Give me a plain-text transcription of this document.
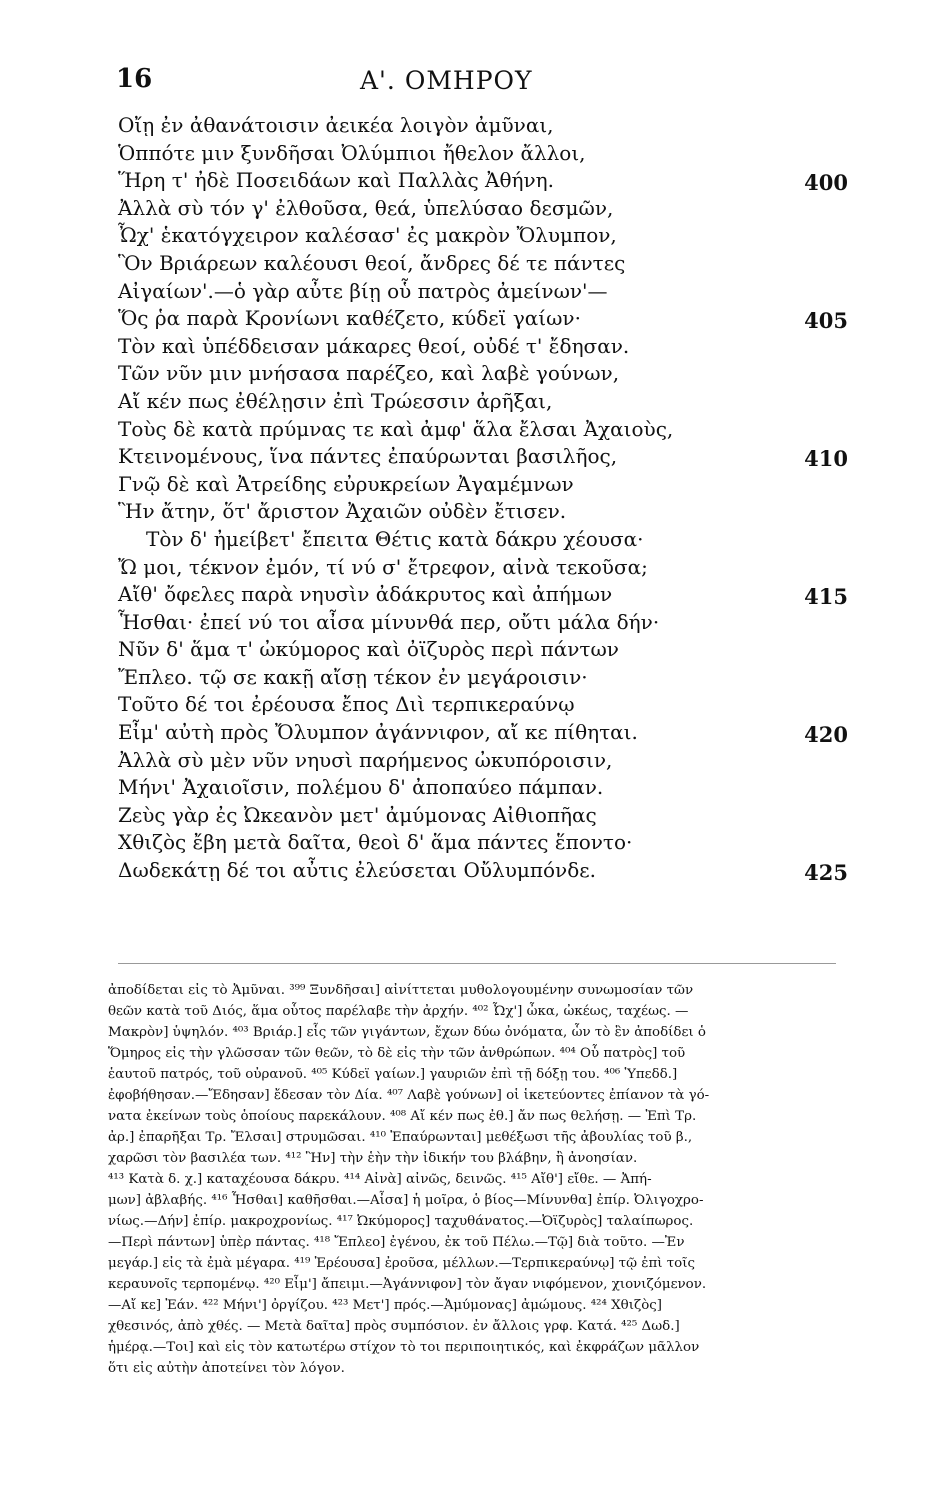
16	Α'. ΟΜΗΡΟΥ
Οἴῃ ἐν ἀθανάτοισιν ἀεικέα λοιγὸν ἀμῦναι,
Ὁππότε μιν ξυνδῆσαι Ὀλύμπιοι ἤθελον ἄλλοι,
Ἥρη τ' ἠδὲ Ποσειδάων καὶ Παλλὰς Ἀθήνη.	400
Ἀλλὰ σὺ τόν γ' ἐλθοῦσα, θεά, ὑπελύσαο δεσμῶν,
Ὦχ' ἑκατόγχειρον καλέσασ' ἐς μακρὸν Ὄλυμπον,
Ὃν Βριάρεων καλέουσι θεοί, ἄνδρες δέ τε πάντες
Αἰγαίων'.—ὁ γὰρ αὖτε βίῃ οὗ πατρὸς ἀμείνων'—
Ὅς ῥα παρὰ Κρονίωνι καθέζετο, κύδεϊ γαίων·	405
Τὸν καὶ ὑπέδδεισαν μάκαρες θεοί, οὐδέ τ' ἔδησαν.
Τῶν νῦν μιν μνήσασα παρέζεο, καὶ λαβὲ γούνων,
Αἴ κέν πως ἐθέλῃσιν ἐπὶ Τρώεσσιν ἀρῆξαι,
Τοὺς δὲ κατὰ πρύμνας τε καὶ ἀμφ' ἅλα ἔλσαι Ἀχαιοὺς,
Κτεινομένους, ἵνα πάντες ἐπαύρωνται βασιλῆος,	410
Γνῷ δὲ καὶ Ἀτρείδης εὐρυκρείων Ἀγαμέμνων
Ἣν ἄτην, ὅτ' ἄριστον Ἀχαιῶν οὐδὲν ἔτισεν.
Τὸν δ' ἠμείβετ' ἔπειτα Θέτις κατὰ δάκρυ χέουσα·
Ὤ μοι, τέκνον ἐμόν, τί νύ σ' ἔτρεφον, αἰνὰ τεκοῦσα;
Αἴθ' ὄφελες παρὰ νηυσὶν ἀδάκρυτος καὶ ἀπήμων	415
Ἧσθαι· ἐπεί νύ τοι αἶσα μίνυνθά περ, οὔτι μάλα δήν·
Νῦν δ' ἅμα τ' ὠκύμορος καὶ ὀϊζυρὸς περὶ πάντων
Ἔπλεο. τῷ σε κακῇ αἴσῃ τέκον ἐν μεγάροισιν·
Τοῦτο δέ τοι ἐρέουσα ἔπος Διὶ τερπικεραύνῳ
Εἶμ' αὐτὴ πρὸς Ὄλυμπον ἀγάννιφον, αἴ κε πίθηται.	420
Ἀλλὰ σὺ μὲν νῦν νηυσὶ παρήμενος ὠκυπόροισιν,
Μήνι' Ἀχαιοῖσιν, πολέμου δ' ἀποπαύεο πάμπαν.
Ζεὺς γὰρ ἐς Ὠκεανὸν μετ' ἀμύμονας Αἰθιοπῆας
Χθιζὸς ἔβη μετὰ δαῖτα, θεοὶ δ' ἅμα πάντες ἕποντο·
Δωδεκάτῃ δέ τοι αὖτις ἐλεύσεται Οὔλυμπόνδε.	425
ἀποδίδεται εἰς τὸ Ἀμῦναι. ³⁹⁹ Ξυνδῆσαι] αἰνίττεται μυθολογουμένην συνωμοσίαν τῶν
θεῶν κατὰ τοῦ Διός, ἅμα οὗτος παρέλαβε τὴν ἀρχήν. ⁴⁰² Ὦχ'] ὦκα, ὠκέως, ταχέως. —
Μακρὸν] ὑψηλόν. ⁴⁰³ Βριάρ.] εἷς τῶν γιγάντων, ἔχων δύω ὀνόματα, ὧν τὸ ἓν ἀποδίδει ὁ
Ὅμηρος εἰς τὴν γλῶσσαν τῶν θεῶν, τὸ δὲ εἰς τὴν τῶν ἀνθρώπων. ⁴⁰⁴ Οὗ πατρὸς] τοῦ
ἑαυτοῦ πατρός, τοῦ οὐρανοῦ. ⁴⁰⁵ Κύδεϊ γαίων.] γαυριῶν ἐπὶ τῇ δόξῃ του. ⁴⁰⁶ Ὑπεδδ.]
ἐφοβήθησαν.—Ἔδησαν] ἔδεσαν τὸν Δία. ⁴⁰⁷ Λαβὲ γούνων] οἱ ἱκετεύοντες ἐπίανον τὰ γό-
νατα ἐκείνων τοὺς ὁποίους παρεκάλουν. ⁴⁰⁸ Αἴ κέν πως ἐθ.] ἄν πως θελήσῃ. — Ἐπὶ Τρ.
ἀρ.] ἐπαρῆξαι Τρ. Ἔλσαι] στρυμῶσαι. ⁴¹⁰ Ἐπαύρωνται] μεθέξωσι τῆς ἀβουλίας τοῦ β.,
χαρῶσι τὸν βασιλέα των. ⁴¹² Ἣν] τὴν ἑὴν τὴν ἰδικήν του βλάβην, ἢ ἀνοησίαν.
⁴¹³ Κατὰ δ. χ.] καταχέουσα δάκρυ. ⁴¹⁴ Αἰνὰ] αἰνῶς, δεινῶς. ⁴¹⁵ Αἴθ'] εἴθε. — Ἀπή-
μων] ἀβλαβής. ⁴¹⁶ Ἧσθαι] καθῆσθαι.—Αἶσα] ἡ μοῖρα, ὁ βίος—Μίνυνθα] ἐπίρ. Ὀλιγοχρο-
νίως.—Δήν] ἐπίρ. μακροχρονίως. ⁴¹⁷ Ὠκύμορος] ταχυθάνατος.—Ὀϊζυρὸς] ταλαίπωρος.
—Περὶ πάντων] ὑπὲρ πάντας. ⁴¹⁸ Ἔπλεο] ἐγένου, ἐκ τοῦ Πέλω.—Τῷ] διὰ τοῦτο. —Ἐν
μεγάρ.] εἰς τὰ ἐμὰ μέγαρα. ⁴¹⁹ Ἐρέουσα] ἐροῦσα, μέλλων.—Τερπικεραύνῳ] τῷ ἐπὶ τοῖς
κεραυνοῖς τερπομένῳ. ⁴²⁰ Εἶμ'] ἄπειμι.—Ἀγάννιφον] τὸν ἄγαν νιφόμενον, χιονιζόμενον.
—Αἴ κε] Ἐάν. ⁴²² Μήνι'] ὀργίζου. ⁴²³ Μετ'] πρός.—Ἀμύμονας] ἀμώμους. ⁴²⁴ Χθιζὸς]
χθεσινός, ἀπὸ χθές. — Μετὰ δαῖτα] πρὸς συμπόσιον. ἐν ἄλλοις γρφ. Κατά. ⁴²⁵ Δωδ.]
ἡμέρᾳ.—Τοι] καὶ εἰς τὸν κατωτέρω στίχον τὸ τοι περιποιητικός, καὶ ἐκφράζων μᾶλλον
ὅτι εἰς αὐτὴν ἀποτείνει τὸν λόγον.
